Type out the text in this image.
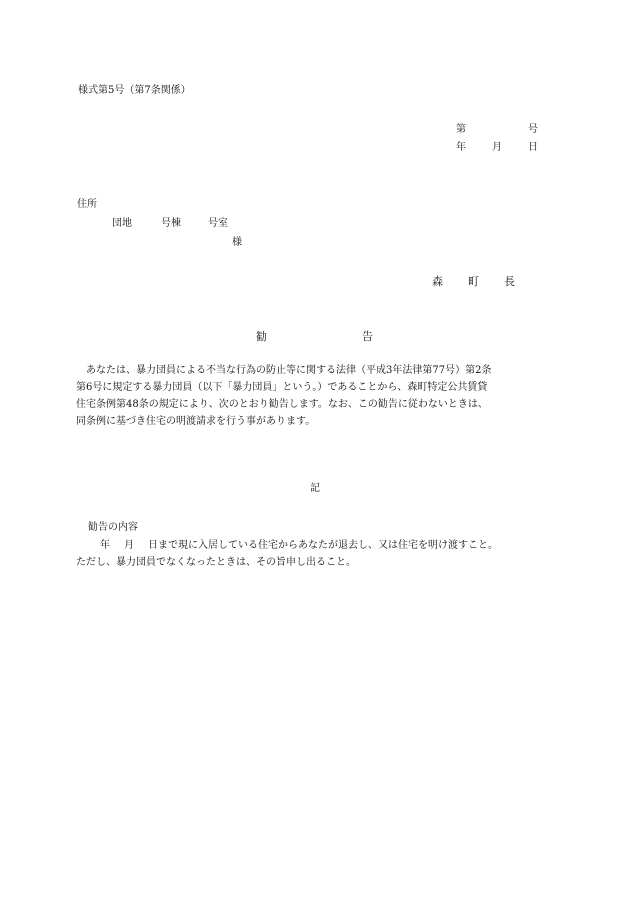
様式第5号（第7条関係）
第	号
年	月	日
住所
団地	号棟	号室
様
森 町 長
勧	告
　あなたは、暴力団員による不当な行為の防止等に関する法律（平成3年法律第77号）第2条
第6号に規定する暴力団員（以下「暴力団員」という。）であることから、森町特定公共賃貸
住宅条例第48条の規定により、次のとおり勧告します。なお、この勧告に従わないときは、
同条例に基づき住宅の明渡請求を行う事があります。
記
勧告の内容
年 月 日まで現に入居している住宅からあなたが退去し、又は住宅を明け渡すこと。
ただし、暴力団員でなくなったときは、その旨申し出ること。
